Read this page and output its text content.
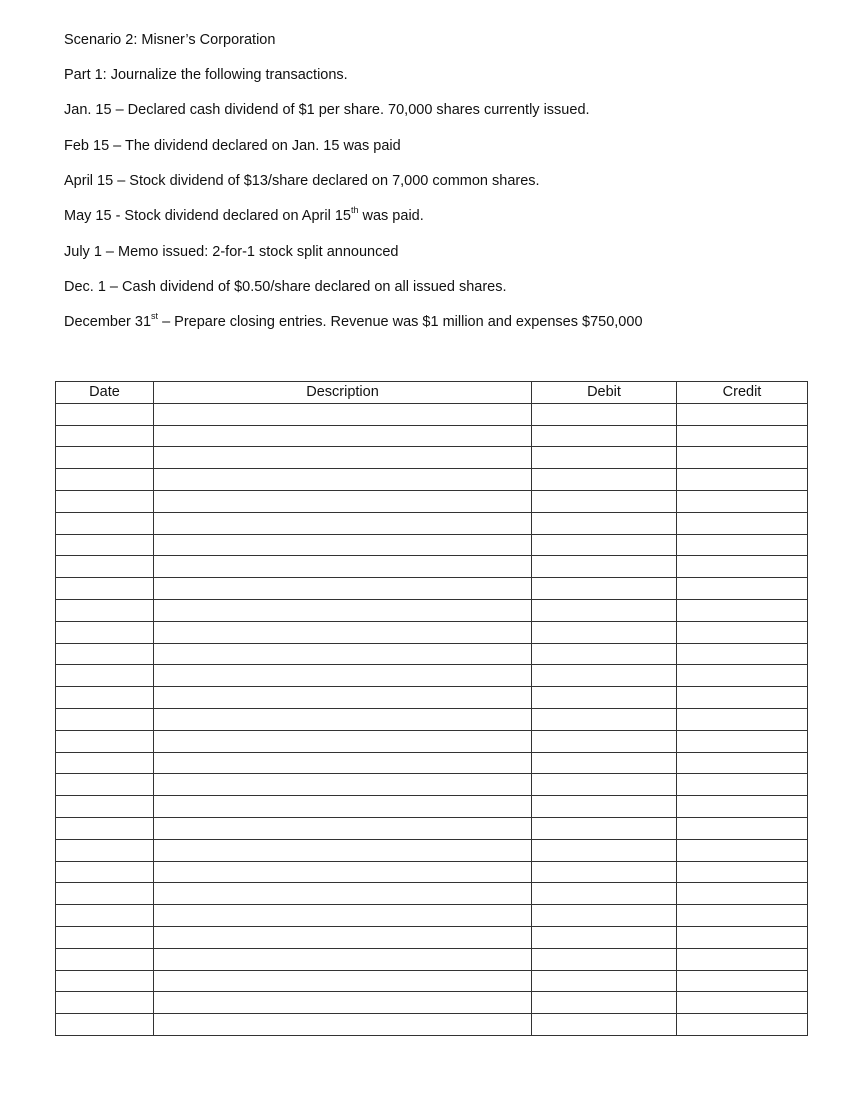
Scenario 2: Misner’s Corporation
Part 1: Journalize the following transactions.
Jan. 15 – Declared cash dividend of $1 per share. 70,000 shares currently issued.
Feb 15 – The dividend declared on Jan. 15 was paid
April 15 – Stock dividend of $13/share declared on 7,000 common shares.
May 15 - Stock dividend declared on April 15th was paid.
July 1 – Memo issued: 2-for-1 stock split announced
Dec. 1 – Cash dividend of $0.50/share declared on all issued shares.
December 31st – Prepare closing entries. Revenue was $1 million and expenses $750,000
Date	Description	Debit	Credit
